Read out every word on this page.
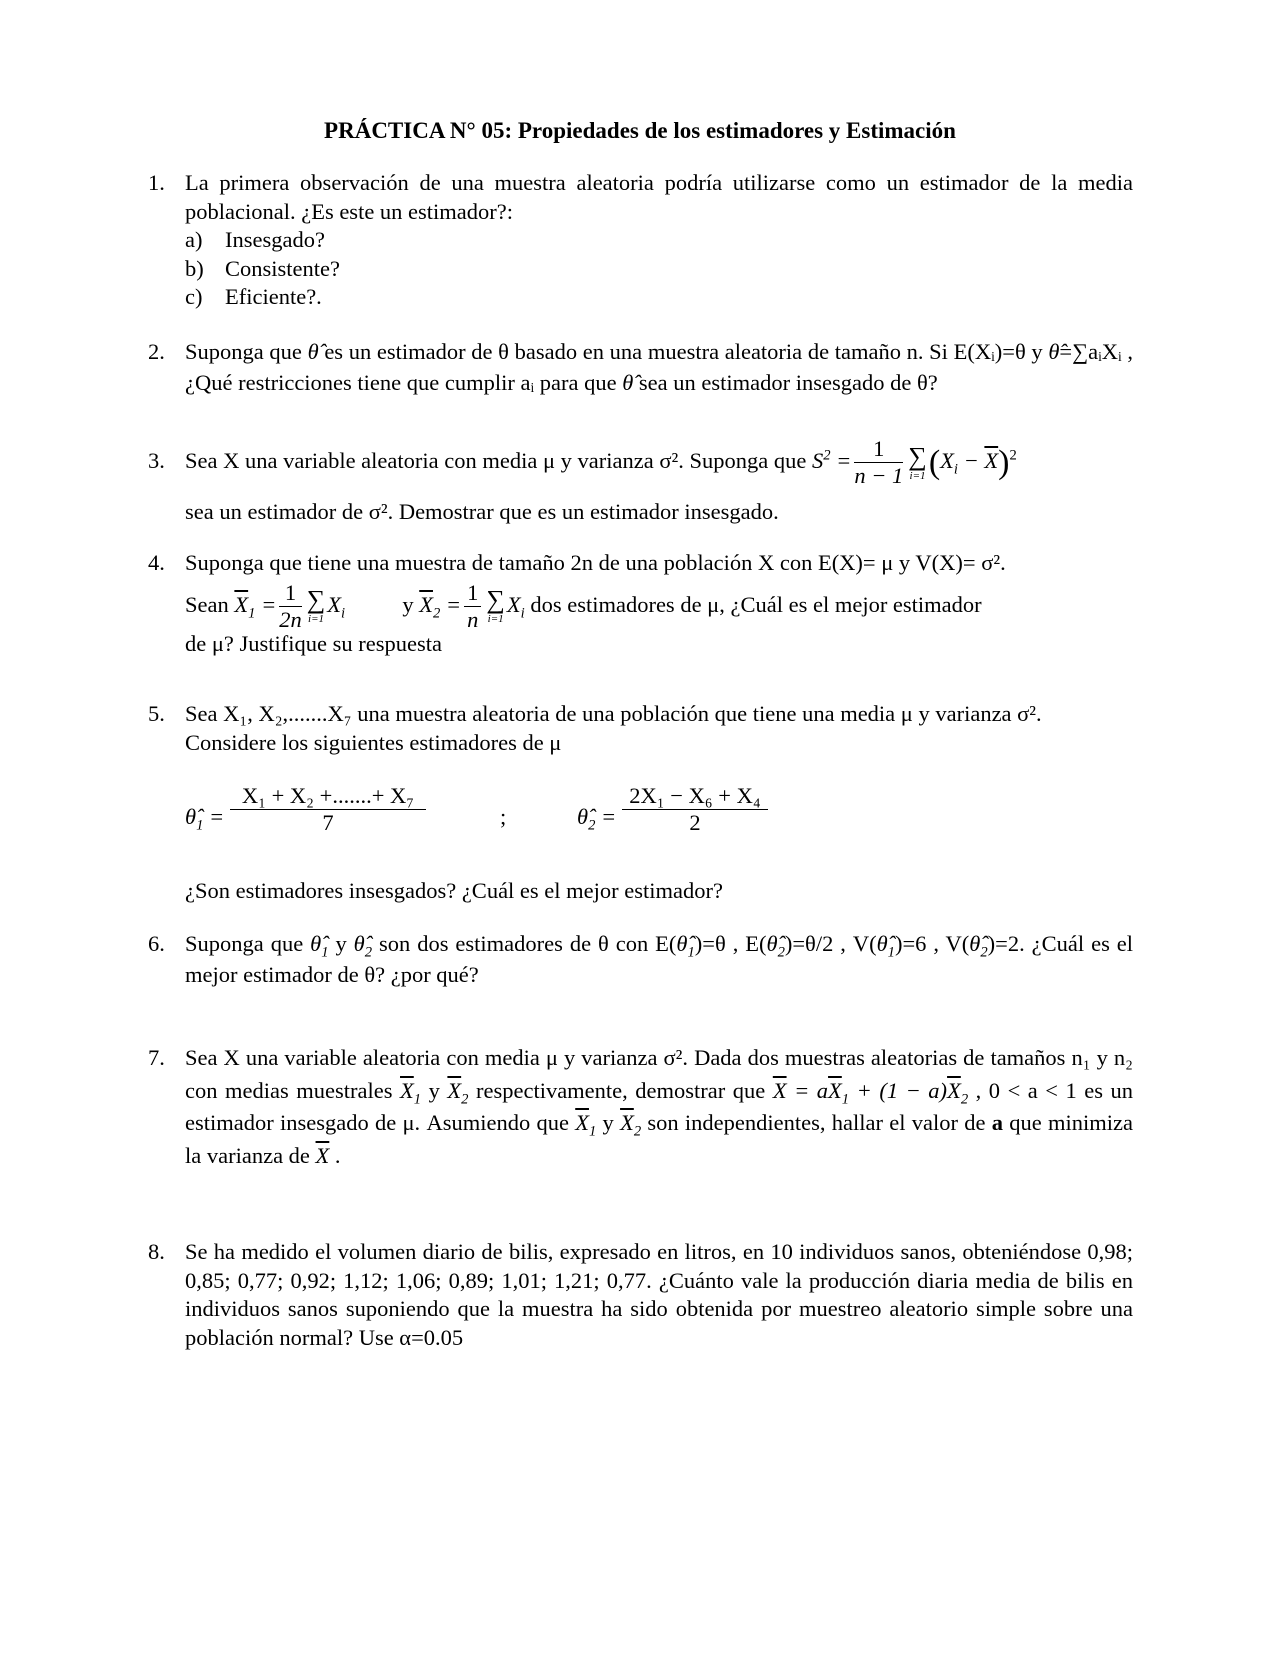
PRÁCTICA N° 05: Propiedades de los estimadores y Estimación
1. La primera observación de una muestra aleatoria podría utilizarse como un estimador de la media poblacional. ¿Es este un estimador?:

a)	Insesgado?
b) Consistente?
c)	Eficiente?.
2. Suponga que θ̂ es un estimador de θ basado en una muestra aleatoria de tamaño n. Si E(Xᵢ)=θ y θ̂=∑aᵢXᵢ , ¿Qué restricciones tiene que cumplir aᵢ para que θ̂ sea un estimador insesgado de θ?

3. Sea X una variable aleatoria con media μ y varianza σ². Suponga que $S^2 = \frac{1}{n - 1}$ ∑
i=1 $(X_i - \overline{X})^2$

sea un estimador de σ². Demostrar que es un estimador insesgado.

4. Suponga que tiene una muestra de tamaño 2n de una población X con E(X)= μ y V(X)= σ².

Sean $\overline{X}_1 = \frac{1}{2n}$ ∑
i=1
$X_i$	y $\overline{X}_2 = \frac{1}{n}$ ∑
i=1
$X_i$ dos estimadores de μ, ¿Cuál es el mejor estimador

de μ? Justifique su respuesta

5. Sea X₁, X₂,.......X₇ una muestra aleatoria de una población que tiene una media μ y varianza σ².

Considere los siguientes estimadores de μ

$\thetâ_1 = \frac{\text{X₁ + X₂ +.......+ X₇}}{7}$	;	$\thetâ_2 = \frac{\text{2X₁ − X₆ + X₄}}{2}$

¿Son estimadores insesgados? ¿Cuál es el mejor estimador?

6. Suponga que $\thetâ_1$ y $\thetâ_2$ son dos estimadores de θ con $E(\thetâ_1)=\theta$ , $E(\thetâ_2)=\theta/2$ , $V(\thetâ_1)=6$ , $V(\thetâ_2)=2$. ¿Cuál es el mejor estimador de θ? ¿por qué?

7. Sea X una variable aleatoria con media μ y varianza σ². Dada dos muestras aleatorias de tamaños n₁ y n₂ con medias muestrales $\overline{X}_1$ y $\overline{X}_2$ respectivamente, demostrar que $\overline{X} = a\overline{X}_1 + (1 - a)\overline{X}_2$ , 0 < a < 1 es un estimador insesgado de μ. Asumiendo que $\overline{X}_1$ y $\overline{X}_2$ son independientes, hallar el valor de a que minimiza la varianza de $\overline{X}$ .

8. Se ha medido el volumen diario de bilis, expresado en litros, en 10 individuos sanos, obteniéndose 0,98; 0,85; 0,77; 0,92; 1,12; 1,06; 0,89; 1,01; 1,21; 0,77. ¿Cuánto vale la producción diaria media de bilis en individuos sanos suponiendo que la muestra ha sido obtenida por muestreo aleatorio simple sobre una población normal? Use α=0.05
